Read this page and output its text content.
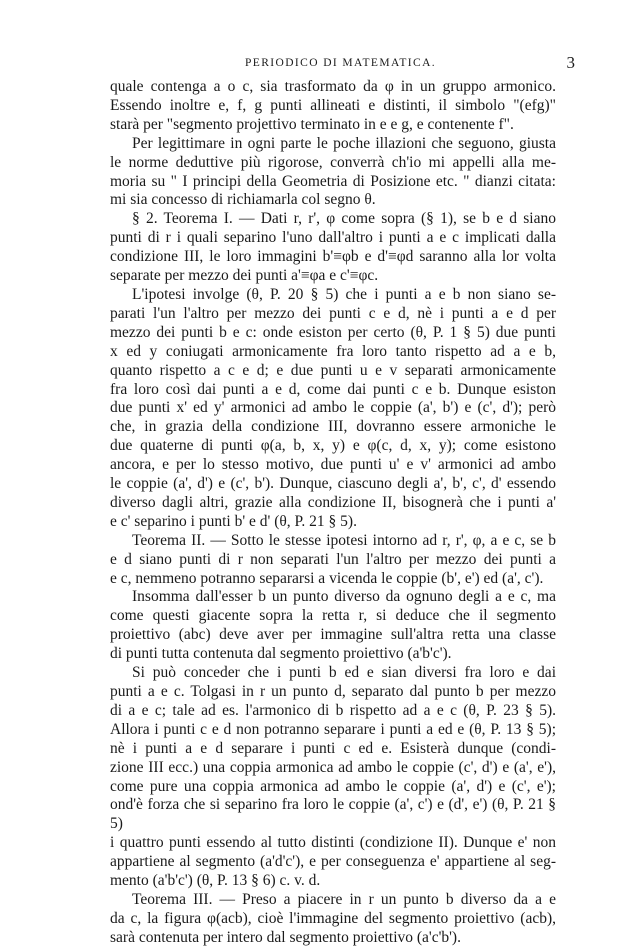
PERIODICO DI MATEMATICA.	3

quale contenga a o c, sia trasformato da φ in un gruppo armonico.

Essendo inoltre e, f, g punti allineati e distinti, il simbolo "(efg)"

starà per "segmento projettivo terminato in e e g, e contenente f".

Per legittimare in ogni parte le poche illazioni che seguono, giusta

le norme deduttive più rigorose, converrà ch'io mi appelli alla me-

moria su " I principi della Geometria di Posizione etc. " dianzi citata:

mi sia concesso di richiamarla col segno θ.

§ 2. Teorema I. — Dati r, r', φ come sopra (§ 1), se b e d siano

punti di r i quali separino l'uno dall'altro i punti a e c implicati dalla

condizione III, le loro immagini b'≡φb e d'≡φd saranno alla lor volta

separate per mezzo dei punti a'≡φa e c'≡φc.

L'ipotesi involge (θ, P. 20 § 5) che i punti a e b non siano se-

parati l'un l'altro per mezzo dei punti c e d, nè i punti a e d per

mezzo dei punti b e c: onde esiston per certo (θ, P. 1 § 5) due punti

x ed y coniugati armonicamente fra loro tanto rispetto ad a e b,

quanto rispetto a c e d; e due punti u e v separati armonicamente

fra loro così dai punti a e d, come dai punti c e b. Dunque esiston

due punti x' ed y' armonici ad ambo le coppie (a', b') e (c', d'); però

che, in grazia della condizione III, dovranno essere armoniche le

due quaterne di punti φ(a, b, x, y) e φ(c, d, x, y); come esistono

ancora, e per lo stesso motivo, due punti u' e v' armonici ad ambo

le coppie (a', d') e (c', b'). Dunque, ciascuno degli a', b', c', d' essendo

diverso dagli altri, grazie alla condizione II, bisognerà che i punti a'

e c' separino i punti b' e d' (θ, P. 21 § 5).

Teorema II. — Sotto le stesse ipotesi intorno ad r, r', φ, a e c, se b

e d siano punti di r non separati l'un l'altro per mezzo dei punti a

e c, nemmeno potranno separarsi a vicenda le coppie (b', e') ed (a', c').

Insomma dall'esser b un punto diverso da ognuno degli a e c, ma

come questi giacente sopra la retta r, si deduce che il segmento

proiettivo (abc) deve aver per immagine sull'altra retta una classe

di punti tutta contenuta dal segmento proiettivo (a'b'c').

Si può conceder che i punti b ed e sian diversi fra loro e dai

punti a e c. Tolgasi in r un punto d, separato dal punto b per mezzo

di a e c; tale ad es. l'armonico di b rispetto ad a e c (θ, P. 23 § 5).

Allora i punti c e d non potranno separare i punti a ed e (θ, P. 13 § 5);

nè i punti a e d separare i punti c ed e. Esisterà dunque (condi-

zione III ecc.) una coppia armonica ad ambo le coppie (c', d') e (a', e'),

come pure una coppia armonica ad ambo le coppie (a', d') e (c', e');

ond'è forza che si separino fra loro le coppie (a', c') e (d', e') (θ, P. 21 § 5)

i quattro punti essendo al tutto distinti (condizione II). Dunque e' non

appartiene al segmento (a'd'c'), e per conseguenza e' appartiene al seg-

mento (a'b'c') (θ, P. 13 § 6) c. v. d.

Teorema III. — Preso a piacere in r un punto b diverso da a e

da c, la figura φ(acb), cioè l'immagine del segmento proiettivo (acb),

sarà contenuta per intero dal segmento proiettivo (a'c'b').
